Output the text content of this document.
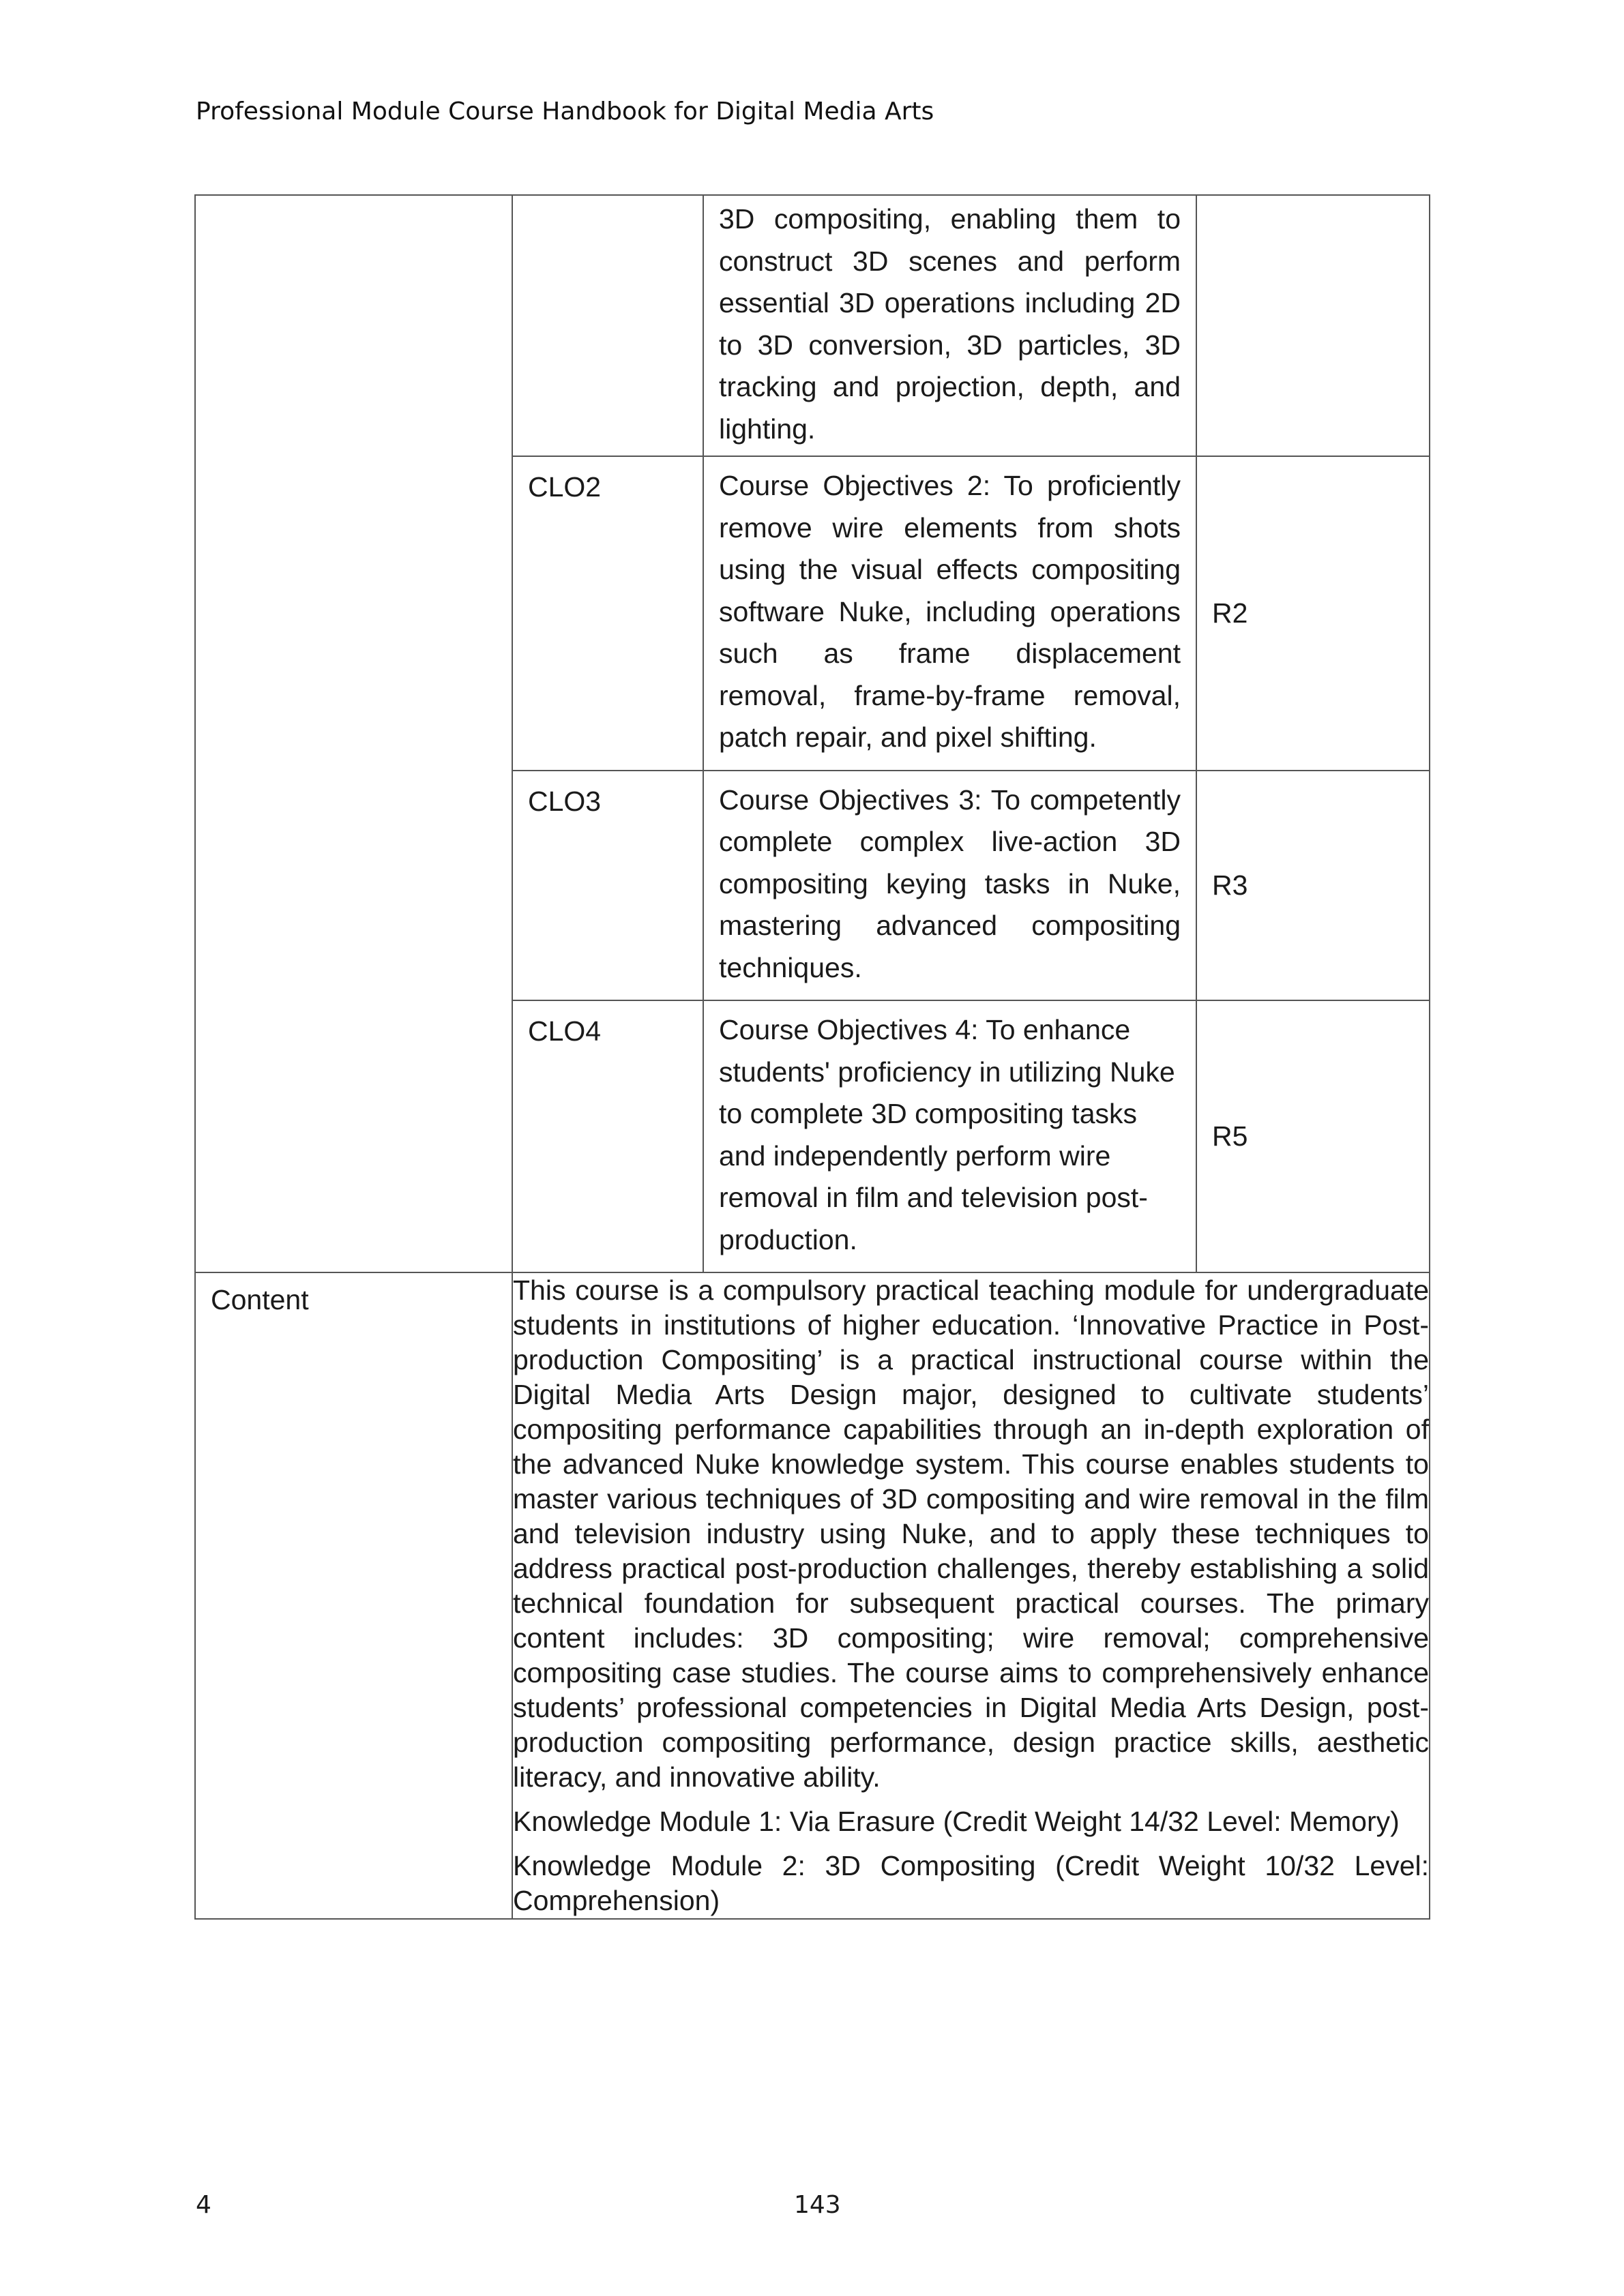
Professional Module Course Handbook for Digital Media Arts

		3D compositing, enabling them to construct 3D scenes and perform essential 3D operations including 2D to 3D conversion, 3D particles, 3D tracking and projection, depth, and lighting.	

	CLO2	Course Objectives 2: To proficiently remove wire elements from shots using the visual effects compositing software Nuke, including operations such as frame displacement removal, frame-by-frame removal, patch repair, and pixel shifting.	R2

	CLO3	Course Objectives 3: To competently complete complex live-action 3D compositing keying tasks in Nuke, mastering advanced compositing techniques.	R3

	CLO4	Course Objectives 4: To enhance students' proficiency in utilizing Nuke to complete 3D compositing tasks and independently perform wire removal in film and television post-production.	R5

Content	This course is a compulsory practical teaching module for undergraduate students in institutions of higher education. ‘Innovative Practice in Post-production Compositing’ is a practical instructional course within the Digital Media Arts Design major, designed to cultivate students’ compositing performance capabilities through an in-depth exploration of the advanced Nuke knowledge system. This course enables students to master various techniques of 3D compositing and wire removal in the film and television industry using Nuke, and to apply these techniques to address practical post-production challenges, thereby establishing a solid technical foundation for subsequent practical courses. The primary content includes: 3D compositing; wire removal; comprehensive compositing case studies. The course aims to comprehensively enhance students’ professional competencies in Digital Media Arts Design, post-production compositing performance, design practice skills, aesthetic literacy, and innovative ability.

Knowledge Module 1: Via Erasure (Credit Weight 14/32 Level: Memory)

Knowledge Module 2: 3D Compositing (Credit Weight 10/32 Level: Comprehension)		

4	143
